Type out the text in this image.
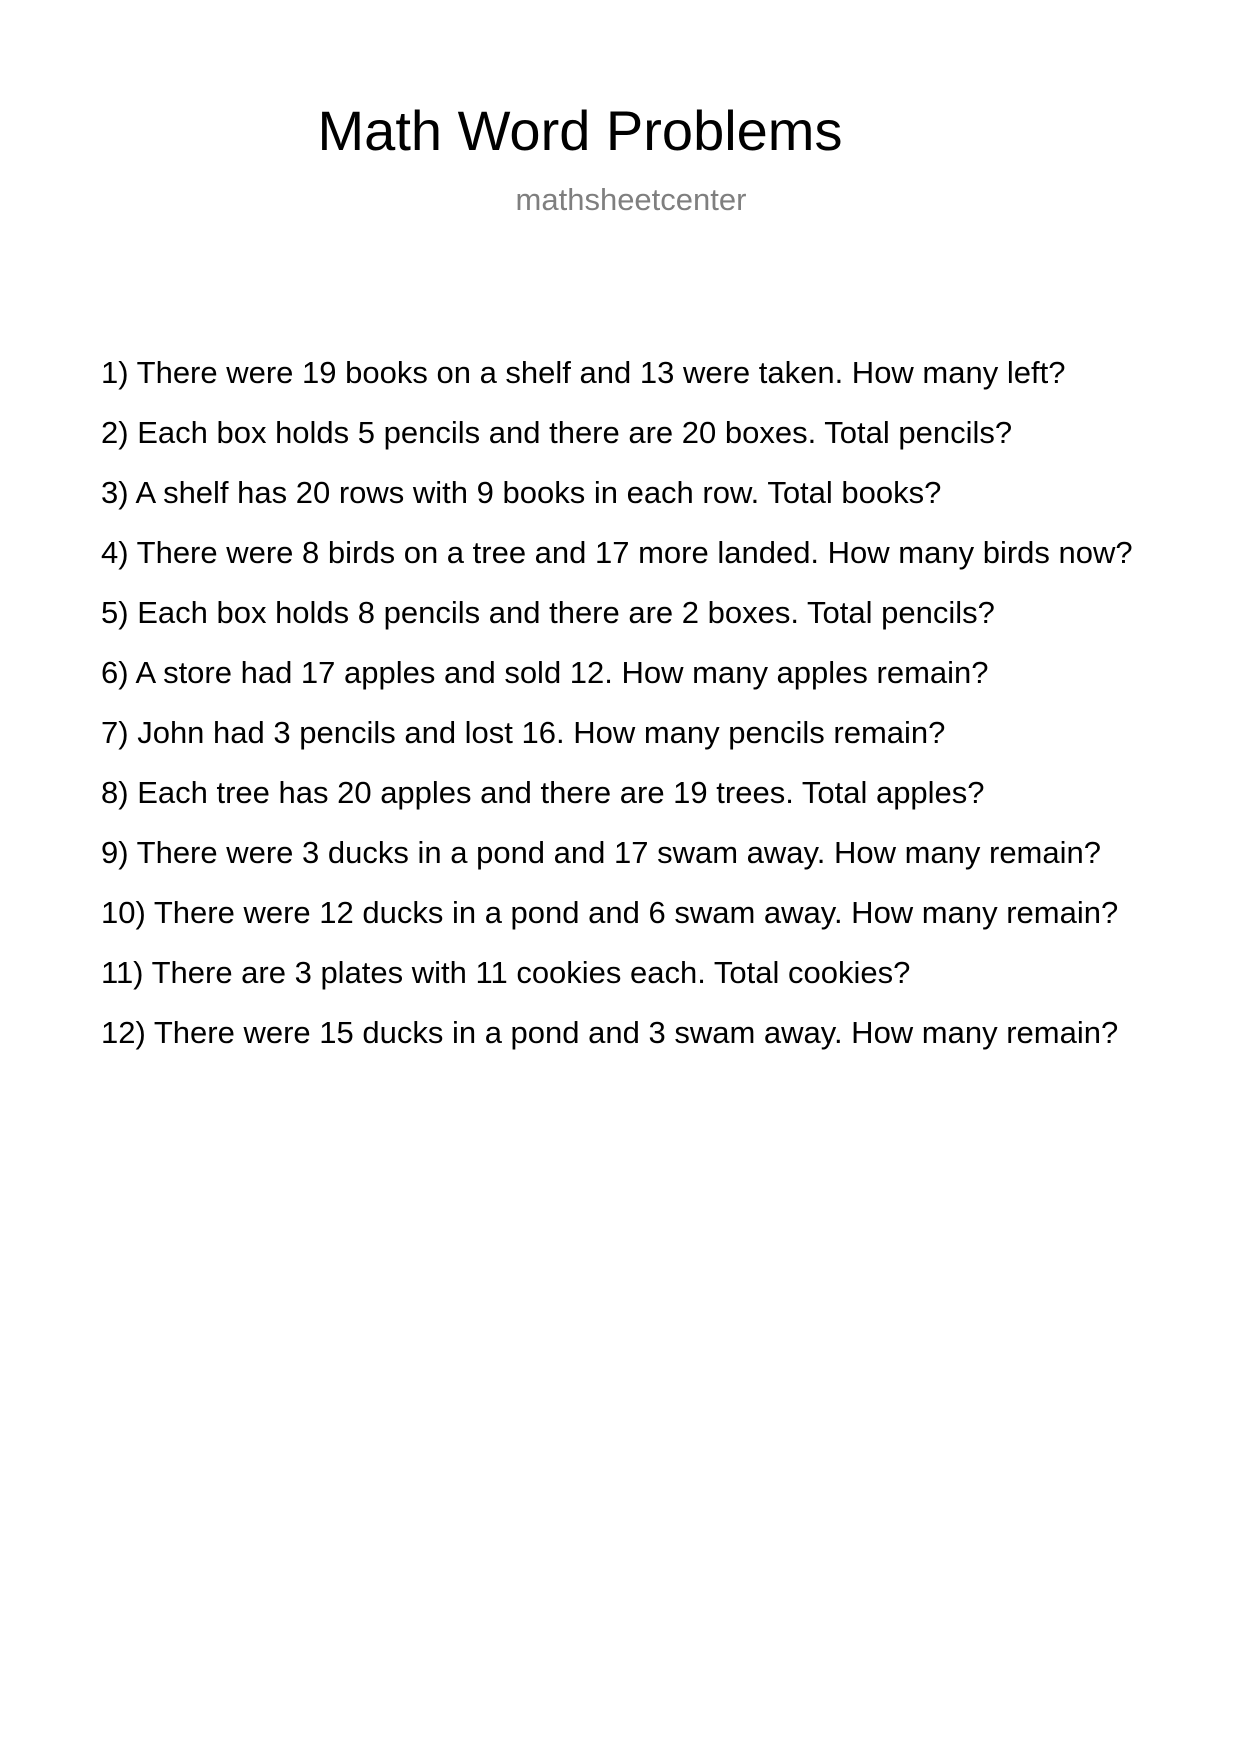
Math Word Problems
mathsheetcenter
1) There were 19 books on a shelf and 13 were taken. How many left?
2) Each box holds 5 pencils and there are 20 boxes. Total pencils?
3) A shelf has 20 rows with 9 books in each row. Total books?
4) There were 8 birds on a tree and 17 more landed. How many birds now?
5) Each box holds 8 pencils and there are 2 boxes. Total pencils?
6) A store had 17 apples and sold 12. How many apples remain?
7) John had 3 pencils and lost 16. How many pencils remain?
8) Each tree has 20 apples and there are 19 trees. Total apples?
9) There were 3 ducks in a pond and 17 swam away. How many remain?
10) There were 12 ducks in a pond and 6 swam away. How many remain?
11) There are 3 plates with 11 cookies each. Total cookies?
12) There were 15 ducks in a pond and 3 swam away. How many remain?
